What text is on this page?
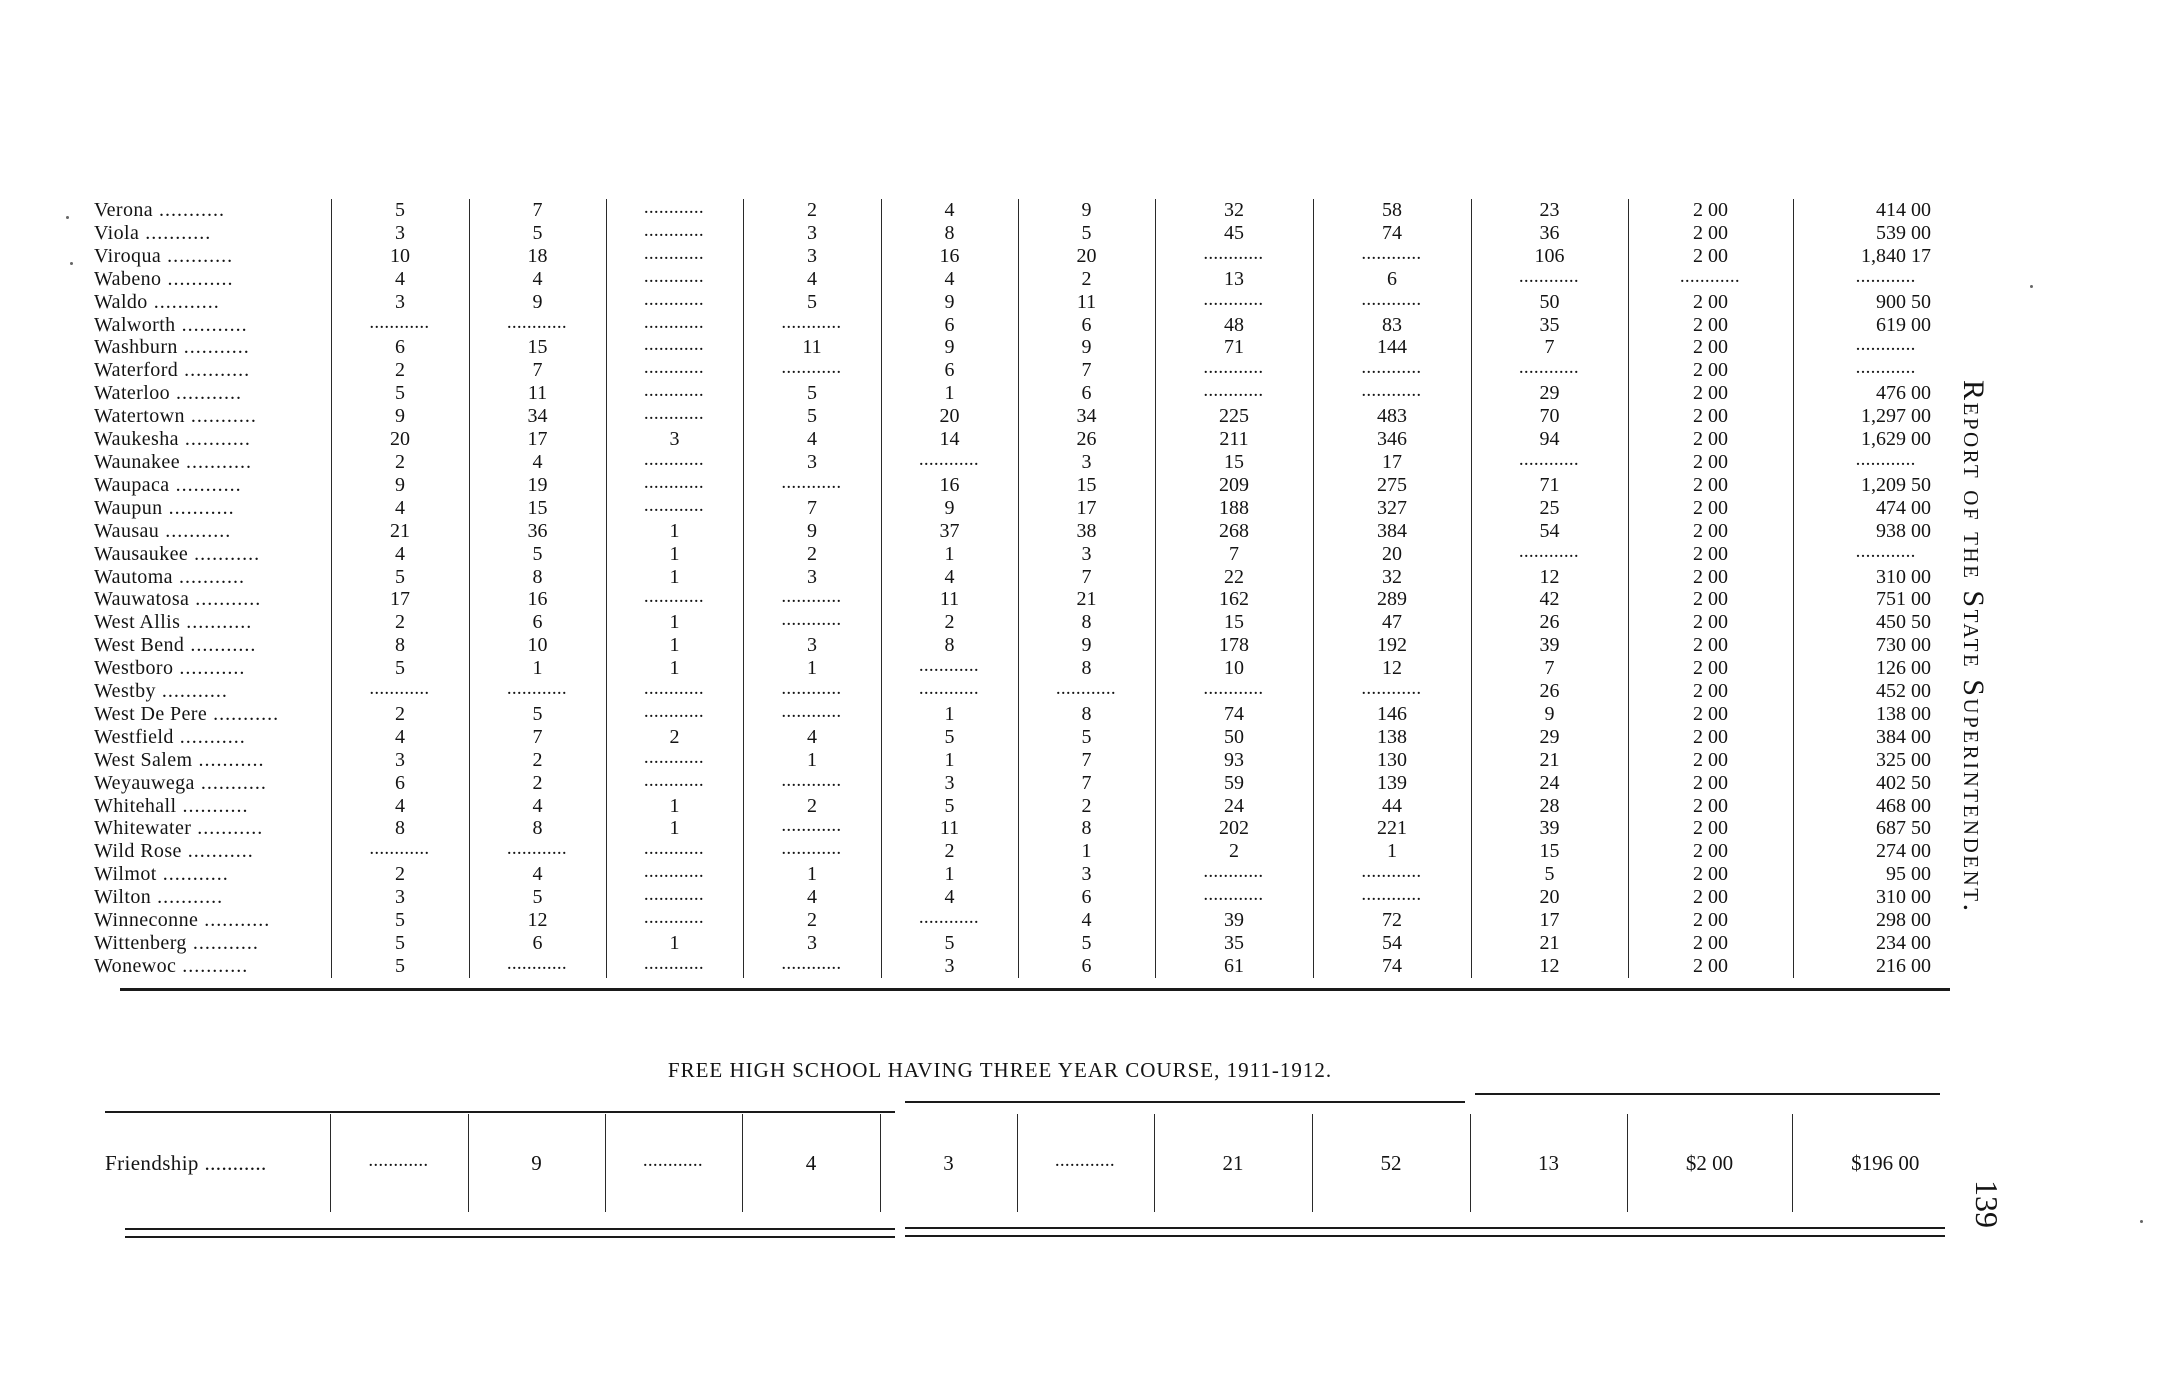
Verona ...........	5	7	............	2	4	9	32	58	23	2 00	414 00
Viola ...........	3	5	............	3	8	5	45	74	36	2 00	539 00
Viroqua ...........	10	18	............	3	16	20	............	............	106	2 00	1,840 17
Wabeno ...........	4	4	............	4	4	2	13	6	............	............	............
Waldo ...........	3	9	............	5	9	11	............	............	50	2 00	900 50
Walworth ...........	............	............	............	............	6	6	48	83	35	2 00	619 00
Washburn ...........	6	15	............	11	9	9	71	144	7	2 00	............
Waterford ...........	2	7	............	............	6	7	............	............	............	2 00	............
Waterloo ...........	5	11	............	5	1	6	............	............	29	2 00	476 00
Watertown ...........	9	34	............	5	20	34	225	483	70	2 00	1,297 00
Waukesha ...........	20	17	3	4	14	26	211	346	94	2 00	1,629 00
Waunakee ...........	2	4	............	3	............	3	15	17	............	2 00	............
Waupaca ...........	9	19	............	............	16	15	209	275	71	2 00	1,209 50
Waupun ...........	4	15	............	7	9	17	188	327	25	2 00	474 00
Wausau ...........	21	36	1	9	37	38	268	384	54	2 00	938 00
Wausaukee ...........	4	5	1	2	1	3	7	20	............	2 00	............
Wautoma ...........	5	8	1	3	4	7	22	32	12	2 00	310 00
Wauwatosa ...........	17	16	............	............	11	21	162	289	42	2 00	751 00
West Allis ...........	2	6	1	............	2	8	15	47	26	2 00	450 50
West Bend ...........	8	10	1	3	8	9	178	192	39	2 00	730 00
Westboro ...........	5	1	1	1	............	8	10	12	7	2 00	126 00
Westby ...........	............	............	............	............	............	............	............	............	26	2 00	452 00
West De Pere ...........	2	5	............	............	1	8	74	146	9	2 00	138 00
Westfield ...........	4	7	2	4	5	5	50	138	29	2 00	384 00
West Salem ...........	3	2	............	1	1	7	93	130	21	2 00	325 00
Weyauwega ...........	6	2	............	............	3	7	59	139	24	2 00	402 50
Whitehall ...........	4	4	1	2	5	2	24	44	28	2 00	468 00
Whitewater ...........	8	8	1	............	11	8	202	221	39	2 00	687 50
Wild Rose ...........	............	............	............	............	2	1	2	1	15	2 00	274 00
Wilmot ...........	2	4	............	1	1	3	............	............	5	2 00	95 00
Wilton ...........	3	5	............	4	4	6	............	............	20	2 00	310 00
Winneconne ...........	5	12	............	2	............	4	39	72	17	2 00	298 00
Wittenberg ...........	5	6	1	3	5	5	35	54	21	2 00	234 00
Wonewoc ...........	5	............	............	............	3	6	61	74	12	2 00	216 00
FREE HIGH SCHOOL HAVING THREE YEAR COURSE, 1911-1912.
Friendship ...........	............	9	............	4	3	............	21	52	13	$2 00	$196 00
Report of the State Superintendent.
139
